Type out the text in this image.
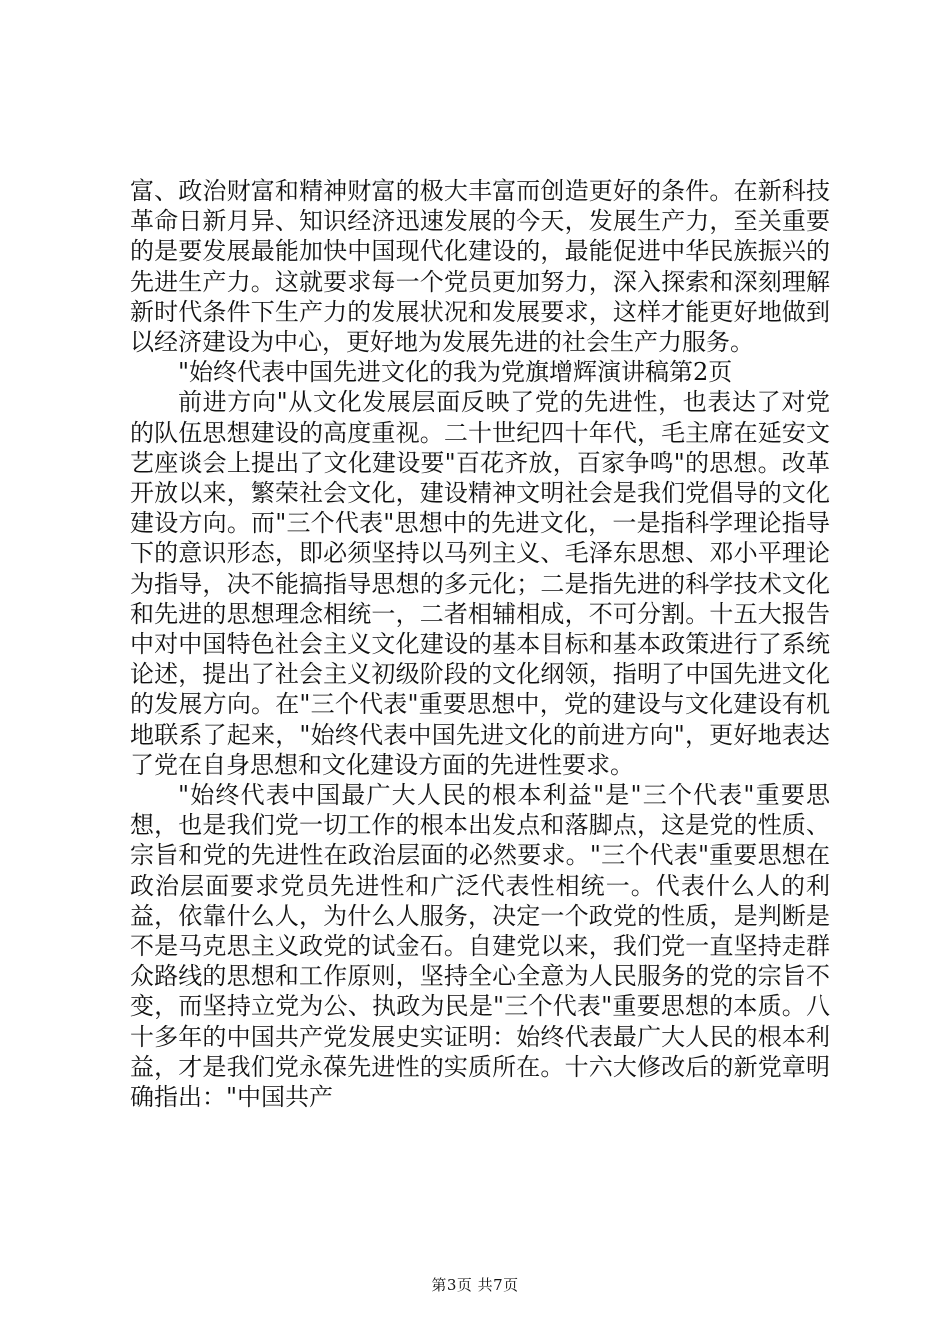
富、政治财富和精神财富的极大丰富而创造更好的条件。在新科技革命日新月异、知识经济迅速发展的今天，发展生产力，至关重要的是要发展最能加快中国现代化建设的，最能促进中华民族振兴的先进生产力。这就要求每一个党员更加努力，深入探索和深刻理解新时代条件下生产力的发展状况和发展要求，这样才能更好地做到以经济建设为中心，更好地为发展先进的社会生产力服务。

"始终代表中国先进文化的我为党旗增辉演讲稿第2页

前进方向"从文化发展层面反映了党的先进性，也表达了对党的队伍思想建设的高度重视。二十世纪四十年代，毛主席在延安文艺座谈会上提出了文化建设要"百花齐放，百家争鸣"的思想。改革开放以来，繁荣社会文化，建设精神文明社会是我们党倡导的文化建设方向。而"三个代表"思想中的先进文化，一是指科学理论指导下的意识形态，即必须坚持以马列主义、毛泽东思想、邓小平理论为指导，决不能搞指导思想的多元化；二是指先进的科学技术文化和先进的思想理念相统一，二者相辅相成，不可分割。十五大报告中对中国特色社会主义文化建设的基本目标和基本政策进行了系统论述，提出了社会主义初级阶段的文化纲领，指明了中国先进文化的发展方向。在"三个代表"重要思想中，党的建设与文化建设有机地联系了起来，"始终代表中国先进文化的前进方向"，更好地表达了党在自身思想和文化建设方面的先进性要求。

"始终代表中国最广大人民的根本利益"是"三个代表"重要思想，也是我们党一切工作的根本出发点和落脚点，这是党的性质、宗旨和党的先进性在政治层面的必然要求。"三个代表"重要思想在政治层面要求党员先进性和广泛代表性相统一。代表什么人的利益，依靠什么人，为什么人服务，决定一个政党的性质，是判断是不是马克思主义政党的试金石。自建党以来，我们党一直坚持走群众路线的思想和工作原则，坚持全心全意为人民服务的党的宗旨不变，而坚持立党为公、执政为民是"三个代表"重要思想的本质。八十多年的中国共产党发展史实证明：始终代表最广大人民的根本利益，才是我们党永葆先进性的实质所在。十六大修改后的新党章明确指出："中国共产

第3页 共7页
